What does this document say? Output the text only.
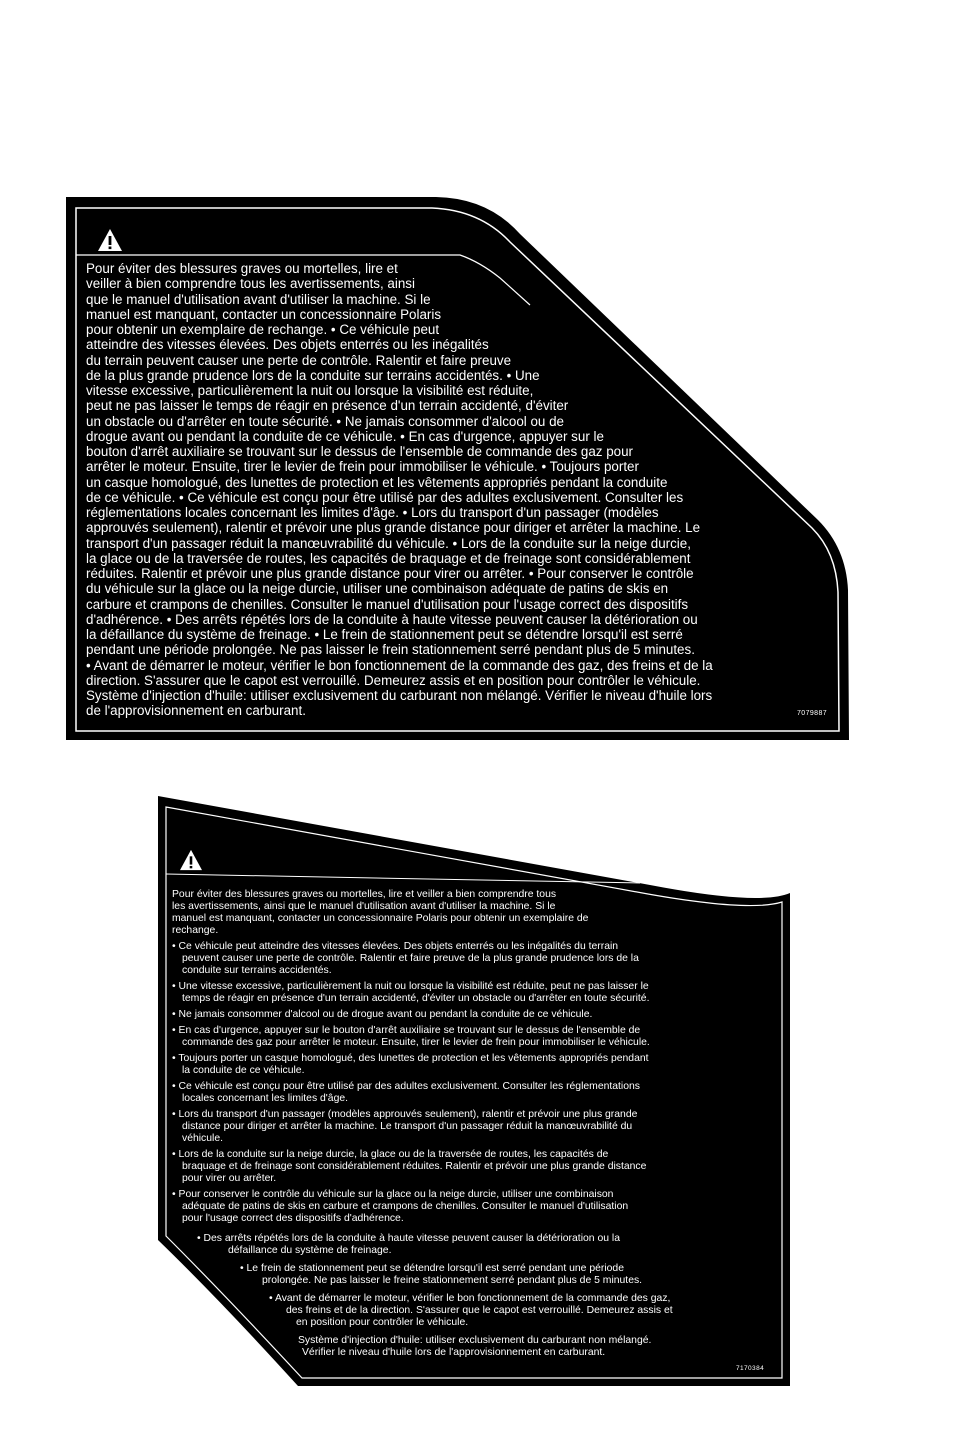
Pour éviter des blessures graves ou mortelles, lire et
veiller à bien comprendre tous les avertissements, ainsi
que le manuel d'utilisation avant d'utiliser la machine. Si le
manuel est manquant, contacter un concessionnaire Polaris
pour obtenir un exemplaire de rechange. • Ce véhicule peut
atteindre des vitesses élevées. Des objets enterrés ou les inégalités
du terrain peuvent causer une perte de contrôle. Ralentir et faire preuve
de la plus grande prudence lors de la conduite sur terrains accidentés. • Une
vitesse excessive, particulièrement la nuit ou lorsque la visibilité est réduite,
peut ne pas laisser le temps de réagir en présence d'un terrain accidenté, d'éviter
un obstacle ou d'arrêter en toute sécurité. • Ne jamais consommer d'alcool ou de
drogue avant ou pendant la conduite de ce véhicule. • En cas d'urgence, appuyer sur le
bouton d'arrêt auxiliaire se trouvant sur le dessus de l'ensemble de commande des gaz pour
arrêter le moteur. Ensuite, tirer le levier de frein pour immobiliser le véhicule. • Toujours porter
un casque homologué, des lunettes de protection et les vêtements appropriés pendant la conduite
de ce véhicule. • Ce véhicule est conçu pour être utilisé par des adultes exclusivement. Consulter les
réglementations locales concernant les limites d'âge. • Lors du transport d'un passager (modèles
approuvés seulement), ralentir et prévoir une plus grande distance pour diriger et arrêter la machine. Le
transport d'un passager réduit la manœuvrabilité du véhicule. • Lors de la conduite sur la neige durcie,
la glace ou de la traversée de routes, les capacités de braquage et de freinage sont considérablement
réduites. Ralentir et prévoir une plus grande distance pour virer ou arrêter. • Pour conserver le contrôle
du véhicule sur la glace ou la neige durcie, utiliser une combinaison adéquate de patins de skis en
carbure et crampons de chenilles. Consulter le manuel d'utilisation pour l'usage correct des dispositifs
d'adhérence. • Des arrêts répétés lors de la conduite à haute vitesse peuvent causer la détérioration ou
la défaillance du système de freinage. • Le frein de stationnement peut se détendre lorsqu'il est serré
pendant une période prolongée. Ne pas laisser le frein stationnement serré pendant plus de 5 minutes.
• Avant de démarrer le moteur, vérifier le bon fonctionnement de la commande des gaz, des freins et de la
direction. S'assurer que le capot est verrouillé. Demeurez assis et en position pour contrôler le véhicule.
Système d'injection d'huile: utiliser exclusivement du carburant non mélangé. Vérifier le niveau d'huile lors
de l'approvisionnement en carburant.	7079887
Pour éviter des blessures graves ou mortelles, lire et veiller a bien comprendre tous
les avertissements, ainsi que le manuel d'utilisation avant d'utiliser la machine. Si le
manuel est manquant, contacter un concessionnaire Polaris pour obtenir un exemplaire de
rechange.
• Ce véhicule peut atteindre des vitesses élevées. Des objets enterrés ou les inégalités du terrain
peuvent causer une perte de contrôle. Ralentir et faire preuve de la plus grande prudence lors de la
conduite sur terrains accidentés.
• Une vitesse excessive, particulièrement la nuit ou lorsque la visibilité est réduite, peut ne pas laisser le
temps de réagir en présence d'un terrain accidenté, d'éviter un obstacle ou d'arrêter en toute sécurité.
• Ne jamais consommer d'alcool ou de drogue avant ou pendant la conduite de ce véhicule.
• En cas d'urgence, appuyer sur le bouton d'arrêt auxiliaire se trouvant sur le dessus de l'ensemble de
commande des gaz pour arrêter le moteur. Ensuite, tirer le levier de frein pour immobiliser le véhicule.
• Toujours porter un casque homologué, des lunettes de protection et les vêtements appropriés pendant
la conduite de ce véhicule.
• Ce véhicule est conçu pour être utilisé par des adultes exclusivement. Consulter les réglementations
locales concernant les limites d'âge.
• Lors du transport d'un passager (modèles approuvés seulement), ralentir et prévoir une plus grande
distance pour diriger et arrêter la machine. Le transport d'un passager réduit la manœuvrabilité du
véhicule.
• Lors de la conduite sur la neige durcie, la glace ou de la traversée de routes, les capacités de
braquage et de freinage sont considérablement réduites. Ralentir et prévoir une plus grande distance
pour virer ou arrêter.
• Pour conserver le contrôle du véhicule sur la glace ou la neige durcie, utiliser une combinaison
adéquate de patins de skis en carbure et crampons de chenilles. Consulter le manuel d'utilisation
pour l'usage correct des dispositifs d'adhérence.
• Des arrêts répétés lors de la conduite à haute vitesse peuvent causer la détérioration ou la
défaillance du système de freinage.
• Le frein de stationnement peut se détendre lorsqu'il est serré pendant une période
prolongée. Ne pas laisser le freine stationnement serré pendant plus de 5 minutes.
• Avant de démarrer le moteur, vérifier le bon fonctionnement de la commande des gaz,
des freins et de la direction. S'assurer que le capot est verrouillé. Demeurez assis et
en position pour contrôler le véhicule.
Système d'injection d'huile: utiliser exclusivement du carburant non mélangé.
Vérifier le niveau d'huile lors de l'approvisionnement en carburant.
7170384
